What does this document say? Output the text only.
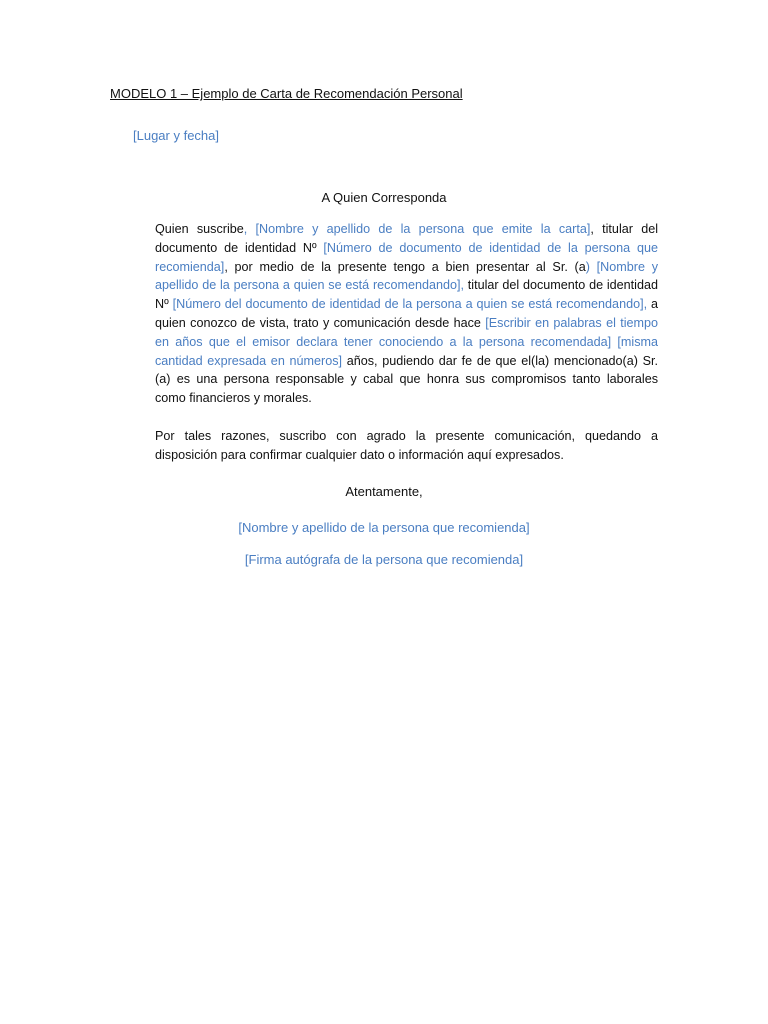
MODELO 1 – Ejemplo de Carta de Recomendación Personal
[Lugar y fecha]
A Quien Corresponda

Quien suscribe, [Nombre y apellido de la persona que emite la carta], titular del documento de identidad Nº [Número de documento de identidad de la persona que recomienda], por medio de la presente tengo a bien presentar al Sr. (a) [Nombre y apellido de la persona a quien se está recomendando], titular del documento de identidad Nº [Número del documento de identidad de la persona a quien se está recomendando], a quien conozco de vista, trato y comunicación desde hace [Escribir en palabras el tiempo en años que el emisor declara tener conociendo a la persona recomendada] [misma cantidad expresada en números] años, pudiendo dar fe de que el(la) mencionado(a) Sr.(a) es una persona responsable y cabal que honra sus compromisos tanto laborales como financieros y morales.

Por tales razones, suscribo con agrado la presente comunicación, quedando a disposición para confirmar cualquier dato o información aquí expresados.

Atentamente,
[Nombre y apellido de la persona que recomienda]
[Firma autógrafa de la persona que recomienda]
